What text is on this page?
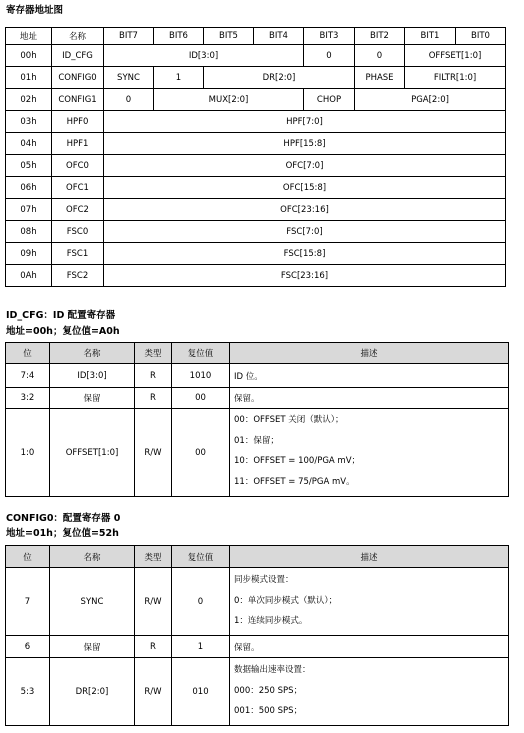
寄存器地址图
地址	名称	BIT7	BIT6	BIT5	BIT4	BIT3	BIT2	BIT1	BIT0
00h	ID_CFG	ID[3:0]				0	0	OFFSET[1:0]	
01h	CONFIG0	SYNC	1	DR[2:0]			PHASE	FILTR[1:0]	
02h	CONFIG1	0	MUX[2:0]			CHOP	PGA[2:0]		
03h	HPF0	HPF[7:0]							
04h	HPF1	HPF[15:8]							
05h	OFC0	OFC[7:0]							
06h	OFC1	OFC[15:8]							
07h	OFC2	OFC[23:16]							
08h	FSC0	FSC[7:0]							
09h	FSC1	FSC[15:8]							
0Ah	FSC2	FSC[23:16]							
ID_CFG：ID 配置寄存器
地址=00h；复位值=A0h
位	名称	类型	复位值	描述
7:4	ID[3:0]	R	1010	ID 位。
3:2	保留	R	00	保留。
1:0	OFFSET[1:0]	R/W	00	00：OFFSET 关闭（默认）；
01：保留；
10：OFFSET = 100/PGA mV；
11：OFFSET = 75/PGA mV。
CONFIG0：配置寄存器 0
地址=01h；复位值=52h
位	名称	类型	复位值	描述
7	SYNC	R/W	0	同步模式设置：
0：单次同步模式（默认）；
1：连续同步模式。

6	保留	R	1	保留。
5:3	DR[2:0]	R/W	010	数据输出速率设置：
000：250 SPS；
001：500 SPS；
